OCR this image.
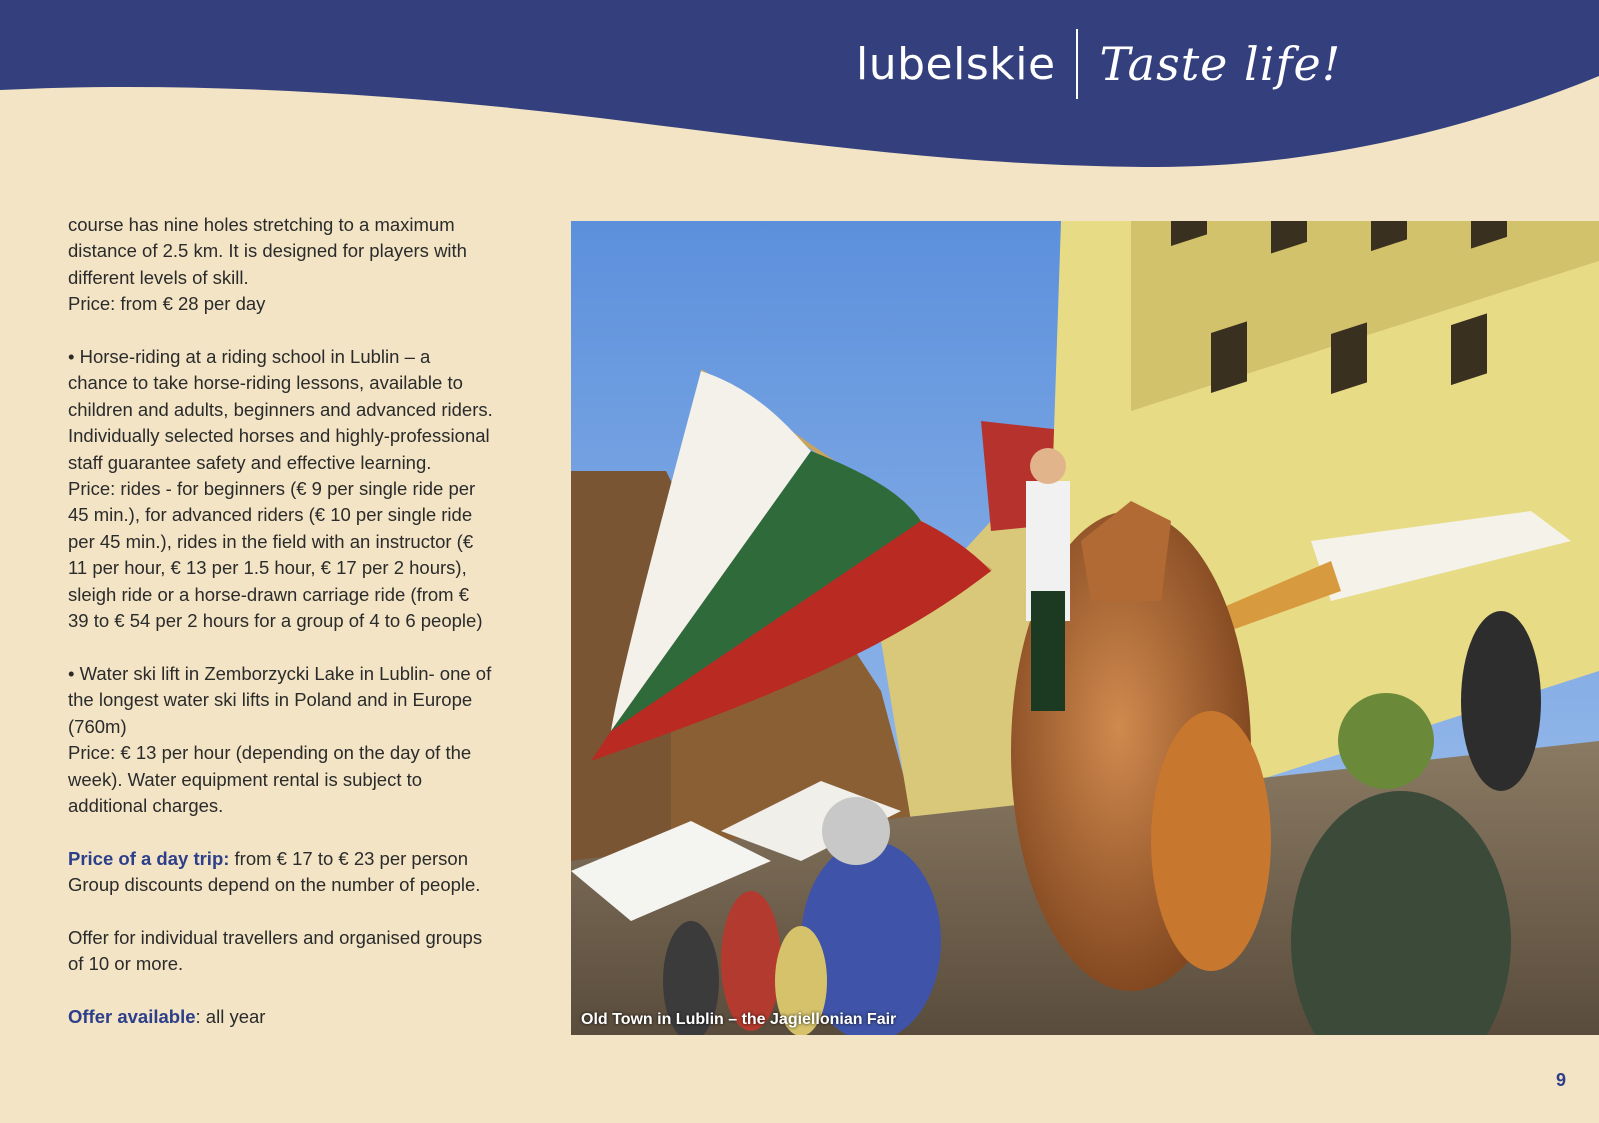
lubelskie Taste life!

course has nine holes stretching to a maximum
distance of 2.5 km. It is designed for players with
different levels of skill.
Price: from € 28 per day

• Horse-riding at a riding school in Lublin – a
chance to take horse-riding lessons, available to
children and adults, beginners and advanced riders.
Individually selected horses and highly-professional
staff guarantee safety and effective learning.
Price: rides - for beginners (€ 9 per single ride per
45 min.), for advanced riders (€ 10 per single ride
per 45 min.), rides in the field with an instructor (€
11 per hour, € 13 per 1.5 hour, € 17 per 2 hours),
sleigh ride or a horse-drawn carriage ride (from €
39 to € 54 per 2 hours for a group of 4 to 6 people)

• Water ski lift in Zemborzycki Lake in Lublin- one of
the longest water ski lifts in Poland and in Europe
(760m)
Price: € 13 per hour (depending on the day of the
week). Water equipment rental is subject to
additional charges.

Price of a day trip: from € 17 to € 23 per person
Group discounts depend on the number of people.

Offer for individual travellers and organised groups
of 10 or more.

Offer available: all year	Old Town in Lublin – the Jagiellonian Fair
9
